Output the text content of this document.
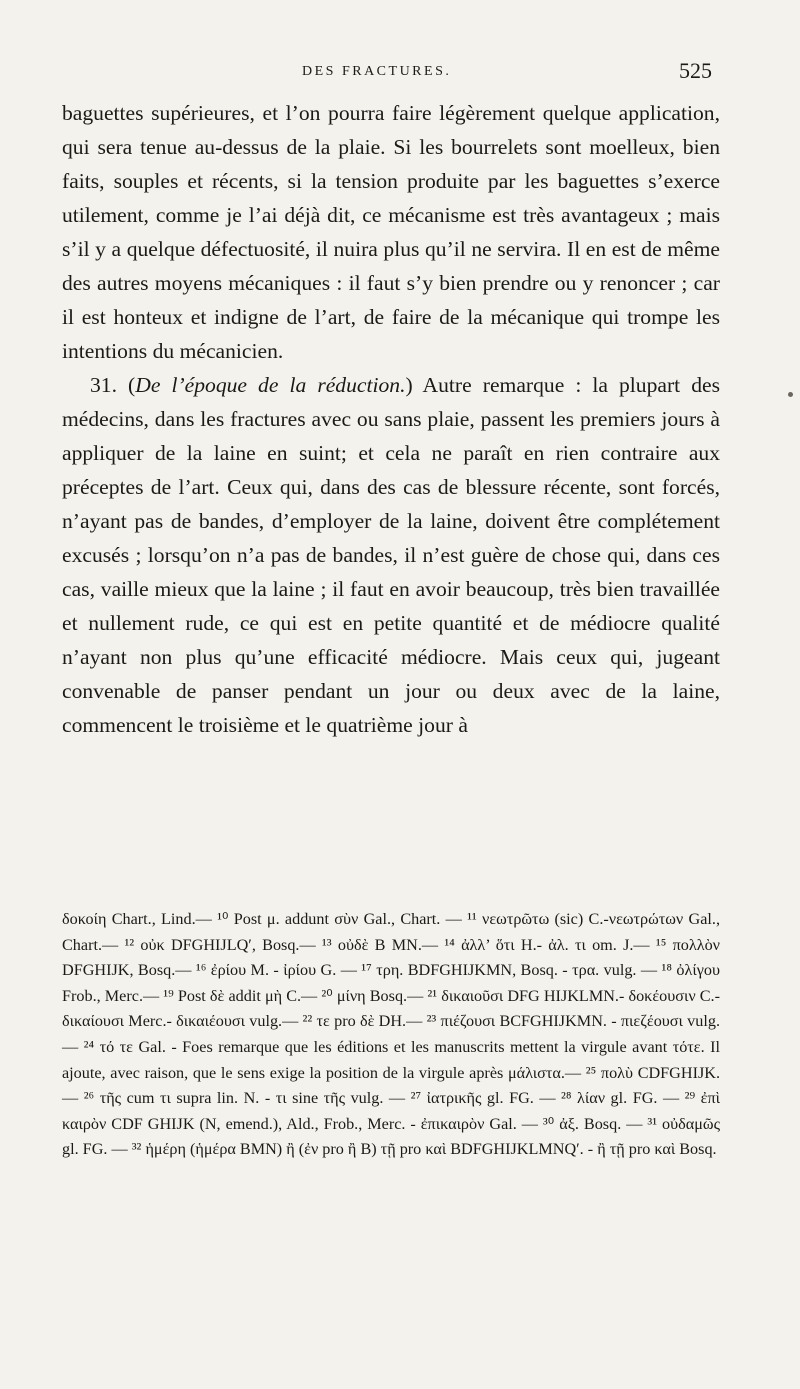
DES FRACTURES.	525

baguettes supérieures, et l’on pourra faire légèrement quelque application, qui sera tenue au-dessus de la plaie. Si les bourrelets sont moelleux, bien faits, souples et récents, si la tension produite par les baguettes s’exerce utilement, comme je l’ai déjà dit, ce mécanisme est très avantageux ; mais s’il y a quelque défectuosité, il nuira plus qu’il ne servira. Il en est de même des autres moyens mécaniques : il faut s’y bien prendre ou y renoncer ; car il est honteux et indigne de l’art, de faire de la mécanique qui trompe les intentions du mécanicien.

31. (De l’époque de la réduction.) Autre remarque : la plupart des médecins, dans les fractures avec ou sans plaie, passent les premiers jours à appliquer de la laine en suint; et cela ne paraît en rien contraire aux préceptes de l’art. Ceux qui, dans des cas de blessure récente, sont forcés, n’ayant pas de bandes, d’employer de la laine, doivent être complétement excusés ; lorsqu’on n’a pas de bandes, il n’est guère de chose qui, dans ces cas, vaille mieux que la laine ; il faut en avoir beaucoup, très bien travaillée et nullement rude, ce qui est en petite quantité et de médiocre qualité n’ayant non plus qu’une efficacité médiocre. Mais ceux qui, jugeant convenable de panser pendant un jour ou deux avec de la laine, commencent le troisième et le quatrième jour à

δοκοίη Chart., Lind.— ¹⁰ Post μ. addunt σὺν Gal., Chart. — ¹¹ νεωτρῶτω (sic) C.-νεωτρώτων Gal., Chart.— ¹² οὐκ DFGHIJLQ′, Bosq.— ¹³ οὐδὲ B MN.— ¹⁴ ἀλλ’ ὅτι H.- ἀλ. τι om. J.— ¹⁵ πολλὸν DFGHIJK, Bosq.— ¹⁶ ἐρίου M. - ἰρίου G. — ¹⁷ τρη. BDFGHIJKMN, Bosq. - τρα. vulg. — ¹⁸ ὀλίγου Frob., Merc.— ¹⁹ Post δὲ addit μὴ C.— ²⁰ μίνη Bosq.— ²¹ δικαιοῦσι DFG HIJKLMN.- δοκέουσιν C.- δικαίουσι Merc.- δικαιέουσι vulg.— ²² τε pro δὲ DH.— ²³ πιέζουσι BCFGHIJKMN. - πιεζέουσι vulg.— ²⁴ τό τε Gal. - Foes remarque que les éditions et les manuscrits mettent la virgule avant τότε. Il ajoute, avec raison, que le sens exige la position de la virgule après μάλιστα.— ²⁵ πολὺ CDFGHIJK.— ²⁶ τῆς cum τι supra lin. N. - τι sine τῆς vulg. — ²⁷ ἰατρικῆς gl. FG. — ²⁸ λίαν gl. FG. — ²⁹ ἐπὶ καιρὸν CDF GHIJK (N, emend.), Ald., Frob., Merc. - ἐπικαιρὸν Gal. — ³⁰ ἀξ. Bosq. — ³¹ οὐδαμῶς gl. FG. — ³² ἡμέρη (ἡμέρα BMN) ἢ (ἐν pro ἢ B) τῇ pro καὶ BDFGHIJKLMNQ′. - ἢ τῇ pro καὶ Bosq.
